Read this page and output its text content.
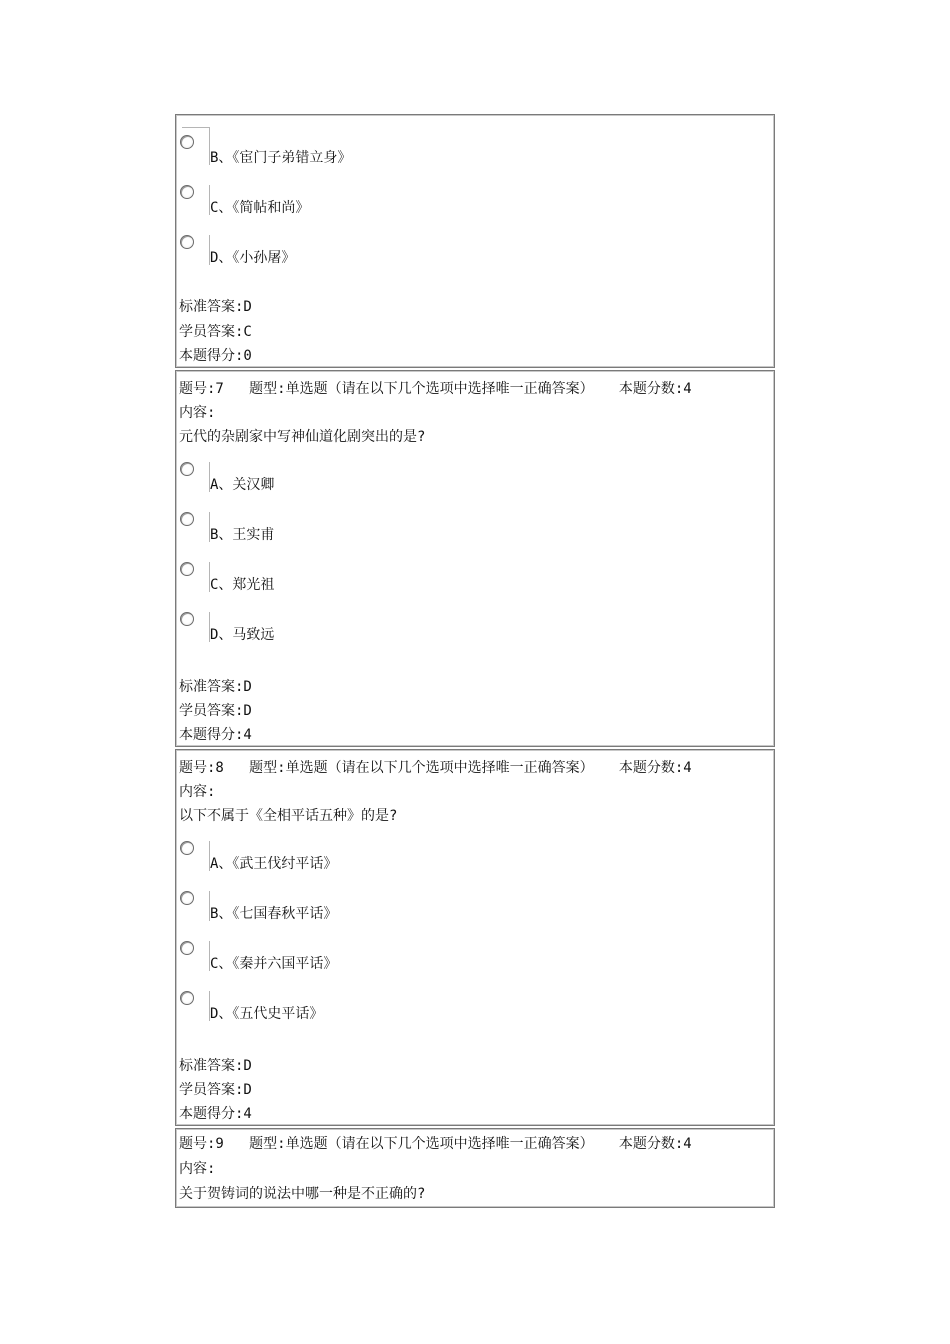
B、《宦门子弟错立身》
C、《简帖和尚》
D、《小孙屠》
标准答案:D
学员答案:C
本题得分:0
题号:7   题型:单选题（请在以下几个选项中选择唯一正确答案）   本题分数:4
内容:
元代的杂剧家中写神仙道化剧突出的是?
A、关汉卿
B、王实甫
C、郑光祖
D、马致远
标准答案:D
学员答案:D
本题得分:4
题号:8   题型:单选题（请在以下几个选项中选择唯一正确答案）   本题分数:4
内容:
以下不属于《全相平话五种》的是?
A、《武王伐纣平话》
B、《七国春秋平话》
C、《秦并六国平话》
D、《五代史平话》
标准答案:D
学员答案:D
本题得分:4
题号:9   题型:单选题（请在以下几个选项中选择唯一正确答案）   本题分数:4
内容:
关于贺铸词的说法中哪一种是不正确的?
